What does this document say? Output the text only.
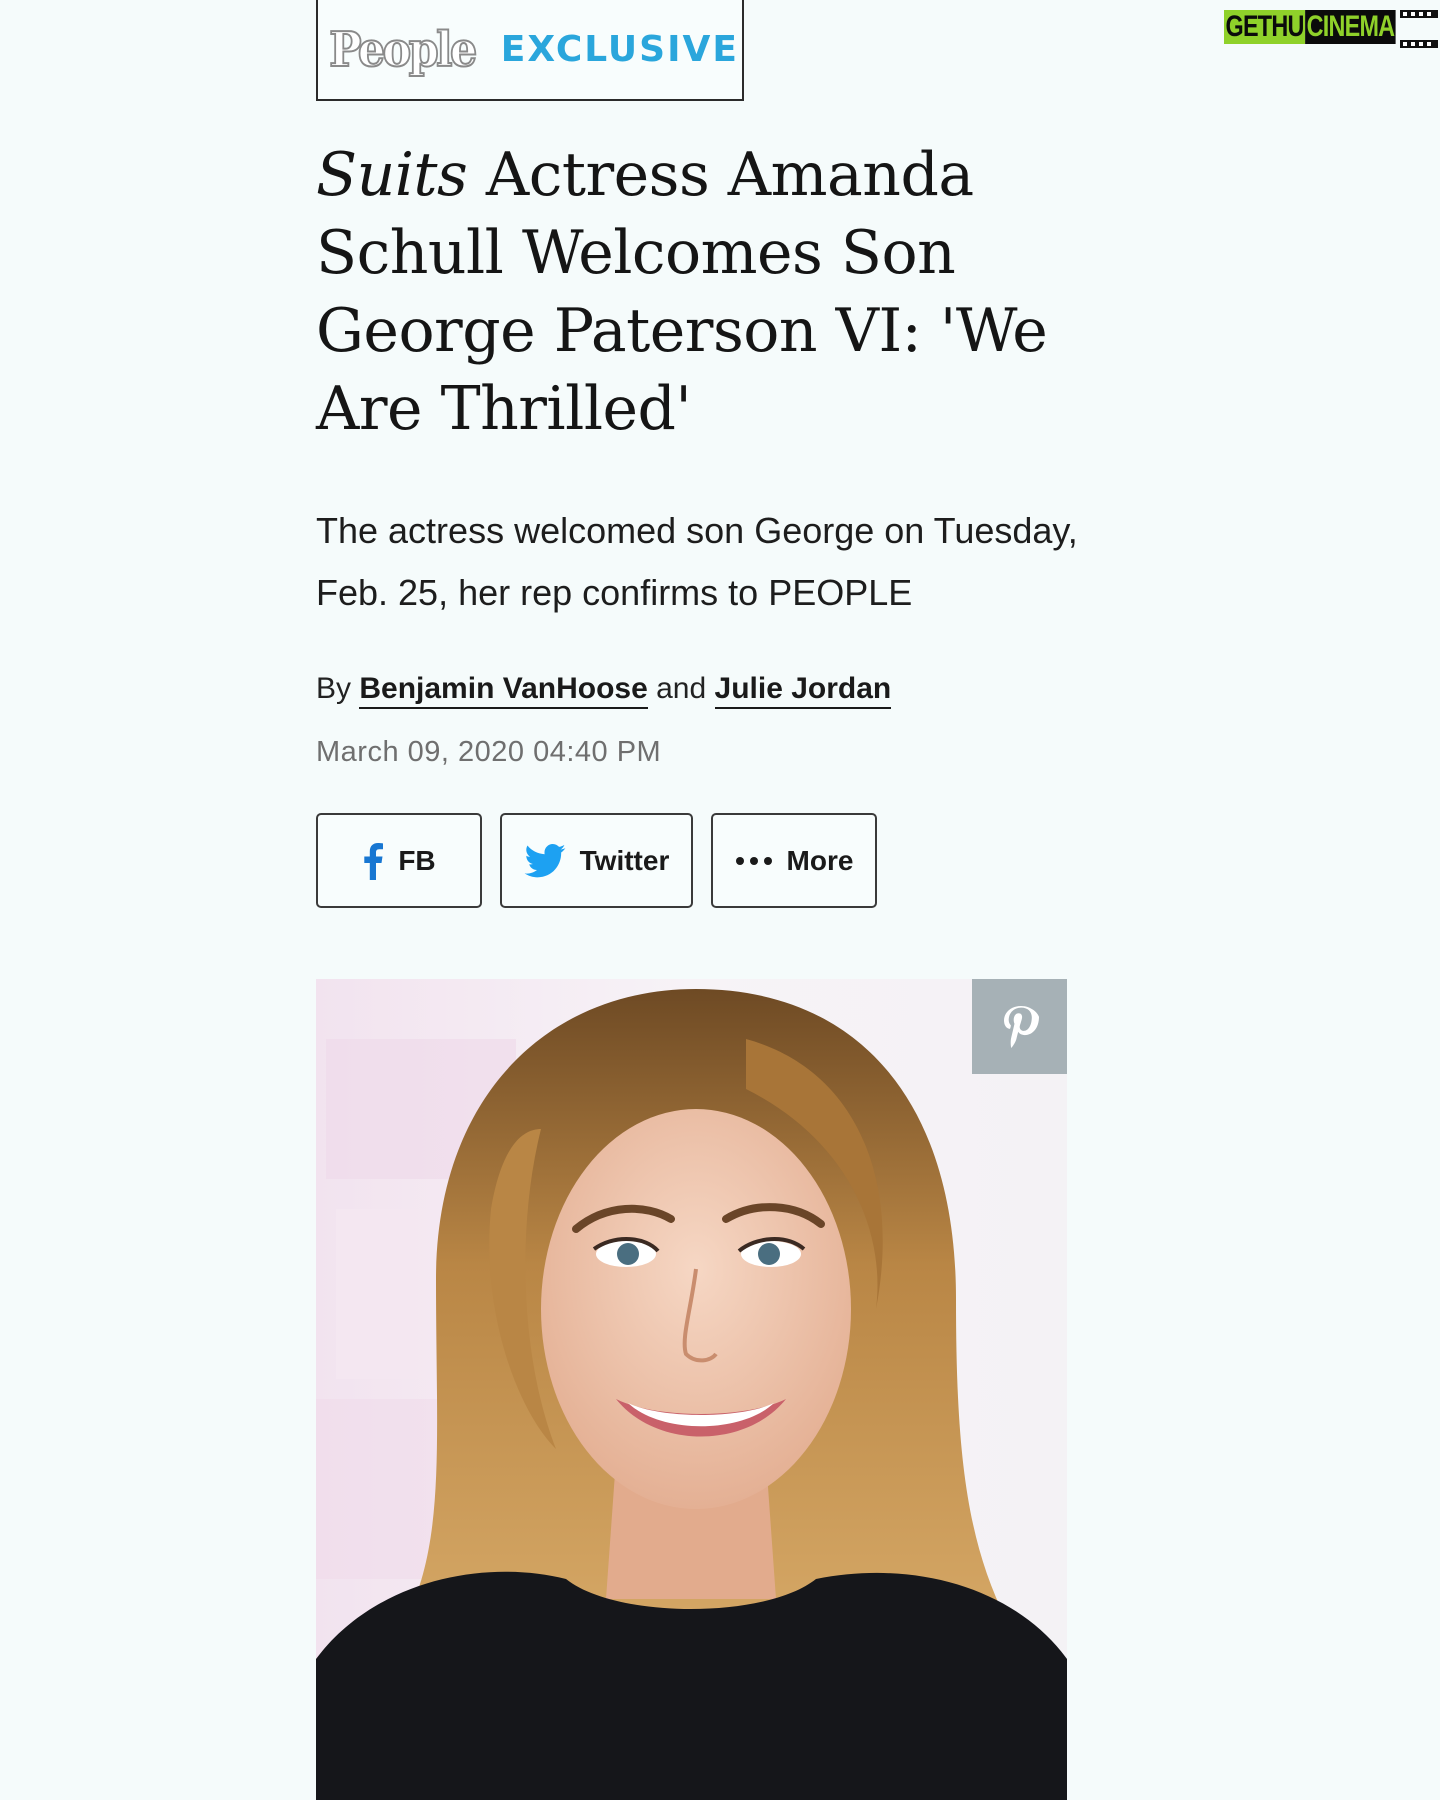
GETHU CINEMA
People EXCLUSIVE
Suits Actress Amanda Schull Welcomes Son George Paterson VI: 'We Are Thrilled'

The actress welcomed son George on Tuesday, Feb. 25, her rep confirms to PEOPLE

By Benjamin VanHoose and Julie Jordan
March 09, 2020 04:40 PM
FB	Twitter	More
